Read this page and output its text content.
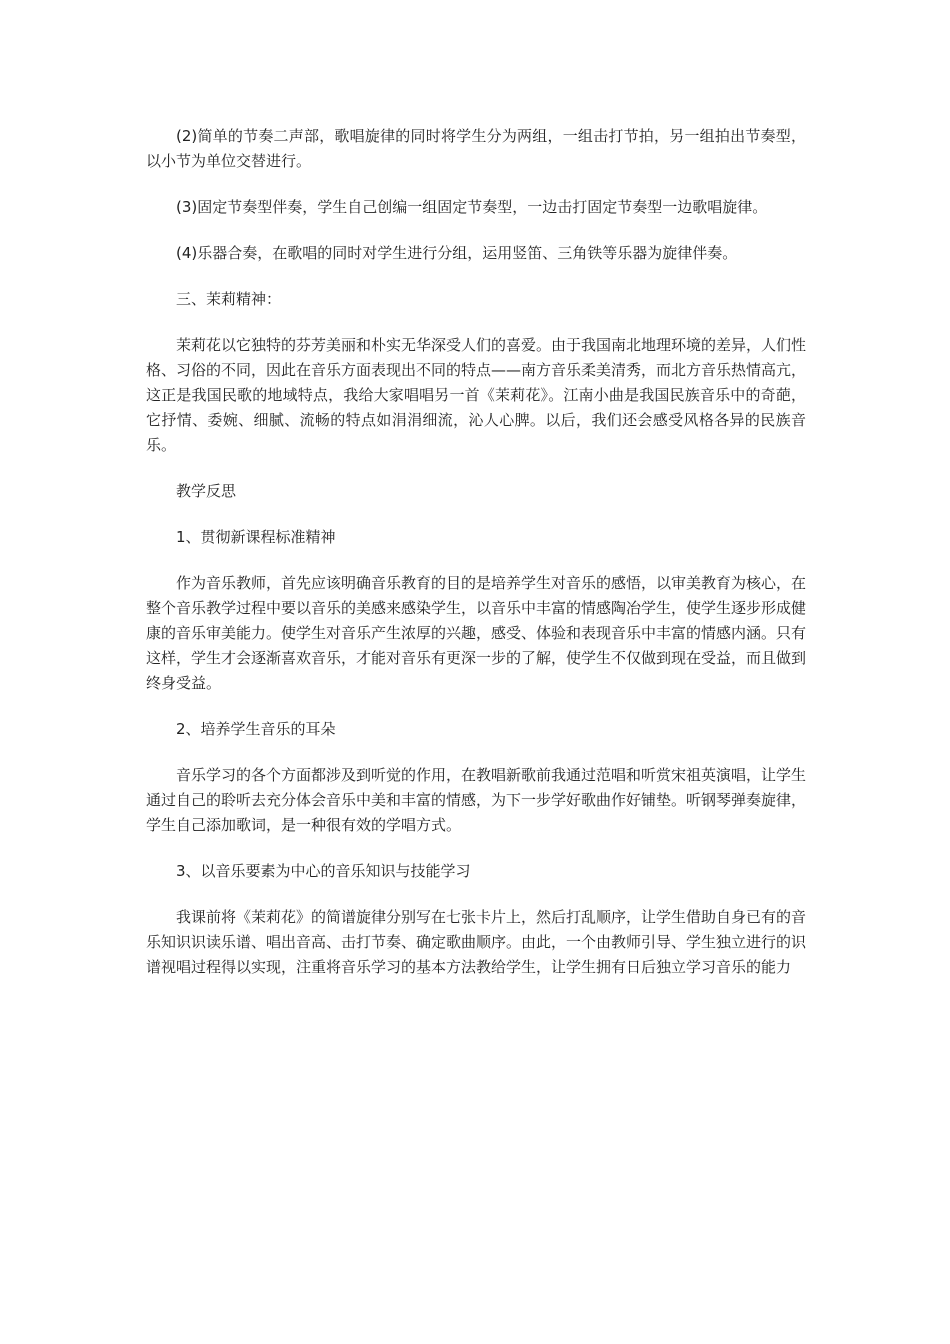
(2)简单的节奏二声部，歌唱旋律的同时将学生分为两组，一组击打节拍，另一组拍出节奏型，以小节为单位交替进行。

(3)固定节奏型伴奏，学生自己创编一组固定节奏型，一边击打固定节奏型一边歌唱旋律。

(4)乐器合奏，在歌唱的同时对学生进行分组，运用竖笛、三角铁等乐器为旋律伴奏。

三、茉莉精神：

茉莉花以它独特的芬芳美丽和朴实无华深受人们的喜爱。由于我国南北地理环境的差异，人们性格、习俗的不同，因此在音乐方面表现出不同的特点——南方音乐柔美清秀，而北方音乐热情高亢，这正是我国民歌的地域特点，我给大家唱唱另一首《茉莉花》。江南小曲是我国民族音乐中的奇葩，它抒情、委婉、细腻、流畅的特点如涓涓细流，沁人心脾。以后，我们还会感受风格各异的民族音乐。

教学反思

1、贯彻新课程标准精神

作为音乐教师，首先应该明确音乐教育的目的是培养学生对音乐的感悟，以审美教育为核心，在整个音乐教学过程中要以音乐的美感来感染学生，以音乐中丰富的情感陶冶学生，使学生逐步形成健康的音乐审美能力。使学生对音乐产生浓厚的兴趣，感受、体验和表现音乐中丰富的情感内涵。只有这样，学生才会逐渐喜欢音乐，才能对音乐有更深一步的了解，使学生不仅做到现在受益，而且做到终身受益。

2、培养学生音乐的耳朵

音乐学习的各个方面都涉及到听觉的作用，在教唱新歌前我通过范唱和听赏宋祖英演唱，让学生通过自己的聆听去充分体会音乐中美和丰富的情感，为下一步学好歌曲作好铺垫。听钢琴弹奏旋律，学生自己添加歌词，是一种很有效的学唱方式。

3、以音乐要素为中心的音乐知识与技能学习

我课前将《茉莉花》的简谱旋律分别写在七张卡片上，然后打乱顺序，让学生借助自身已有的音乐知识识读乐谱、唱出音高、击打节奏、确定歌曲顺序。由此，一个由教师引导、学生独立进行的识谱视唱过程得以实现，注重将音乐学习的基本方法教给学生，让学生拥有日后独立学习音乐的能力
